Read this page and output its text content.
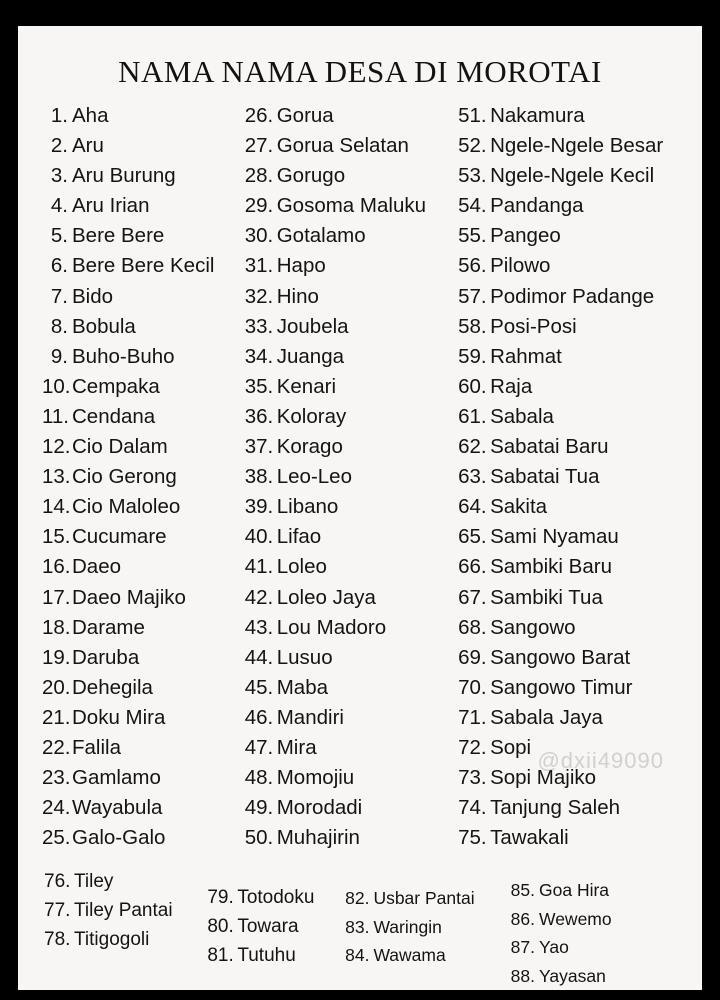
NAMA NAMA DESA DI MOROTAI
1. Aha
2. Aru
3. Aru Burung
4. Aru Irian
5. Bere Bere
6. Bere Bere Kecil
7. Bido
8. Bobula
9. Buho-Buho
10.Cempaka
11. Cendana
12.Cio Dalam
13.Cio Gerong
14.Cio Maloleo
15.Cucumare
16.Daeo
17.Daeo Majiko
18.Darame
19.Daruba
20.Dehegila
21.Doku Mira
22.Falila
23.Gamlamo
24.Wayabula
25.Galo-Galo
26. Gorua
27. Gorua Selatan
28. Gorugo
29. Gosoma Maluku
30. Gotalamo
31. Hapo
32. Hino
33. Joubela
34. Juanga
35. Kenari
36. Koloray
37. Korago
38. Leo-Leo
39. Libano
40. Lifao
41. Loleo
42. Loleo Jaya
43. Lou Madoro
44. Lusuo
45. Maba
46. Mandiri
47. Mira
48. Momojiu
49. Morodadi
50. Muhajirin
51. Nakamura
52. Ngele-Ngele Besar
53. Ngele-Ngele Kecil
54. Pandanga
55. Pangeo
56. Pilowo
57. Podimor Padange
58. Posi-Posi
59. Rahmat
60. Raja
61. Sabala
62. Sabatai Baru
63. Sabatai Tua
64. Sakita
65. Sami Nyamau
66. Sambiki Baru
67. Sambiki Tua
68. Sangowo
69. Sangowo Barat
70. Sangowo Timur
71. Sabala Jaya
72. Sopi
73. Sopi Majiko
74. Tanjung Saleh
75. Tawakali
76. Tiley
77. Tiley Pantai
78. Titigogoli
79. Totodoku
80. Towara
81. Tutuhu
82. Usbar Pantai
83. Waringin
84. Wawama
85. Goa Hira
86. Wewemo
87. Yao
88. Yayasan
@dxii49090
